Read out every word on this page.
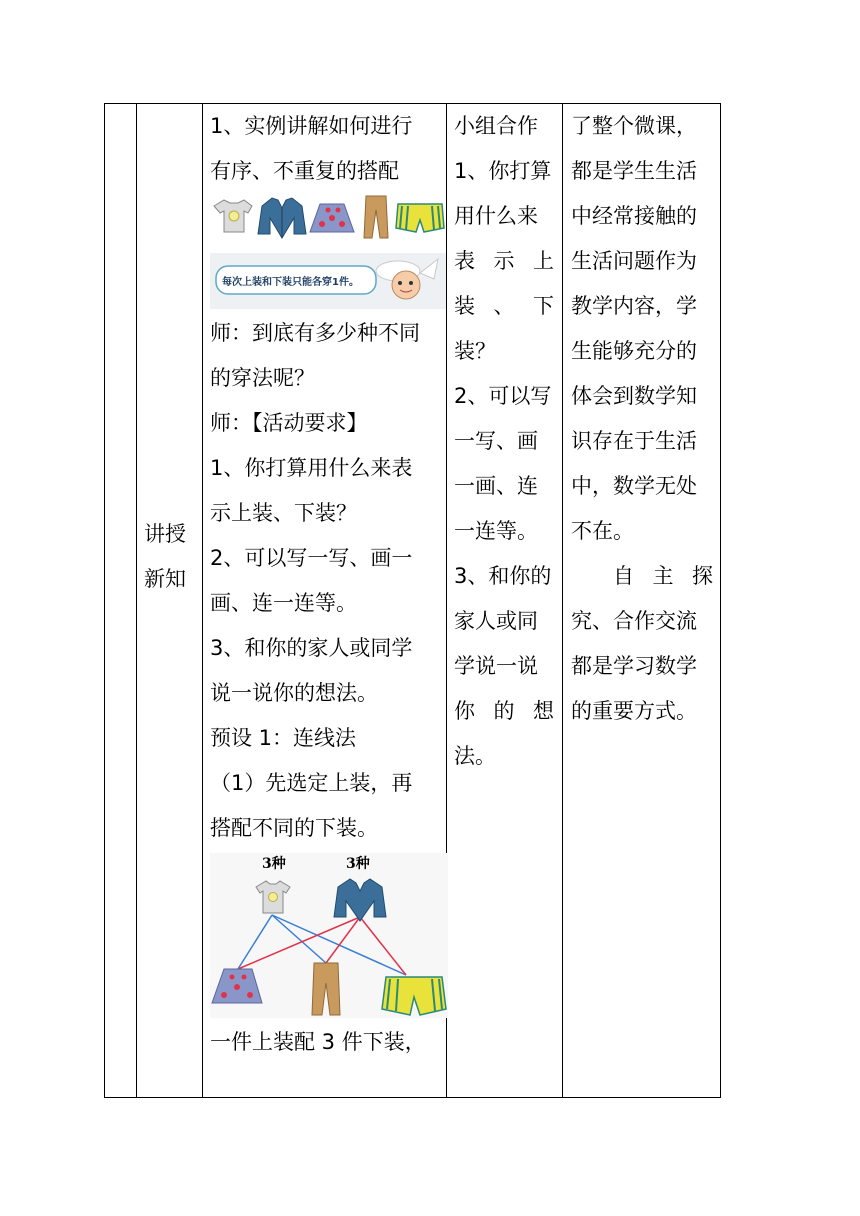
讲授

新知

1、实例讲解如何进行

有序、不重复的搭配

每次上装和下装只能各穿1件。

师：到底有多少种不同

的穿法呢？

师：【活动要求】

1、你打算用什么来表

示上装、下装？

2、可以写一写、画一

画、连一连等。

3、和你的家人或同学

说一说你的想法。

预设 1：连线法

（1）先选定上装，再

搭配不同的下装。

3种	3种

一件上装配 3 件下装，

小组合作

1、你打算

用什么来

表示上

装、下

装？

2、可以写

一写、画

一画、连

一连等。

3、和你的

家人或同

学说一说

你的想

法。

了整个微课，

都是学生生活

中经常接触的

生活问题作为

教学内容，学

生能够充分的

体会到数学知

识存在于生活

中，数学无处

不在。

自主探

究、合作交流

都是学习数学

的重要方式。
